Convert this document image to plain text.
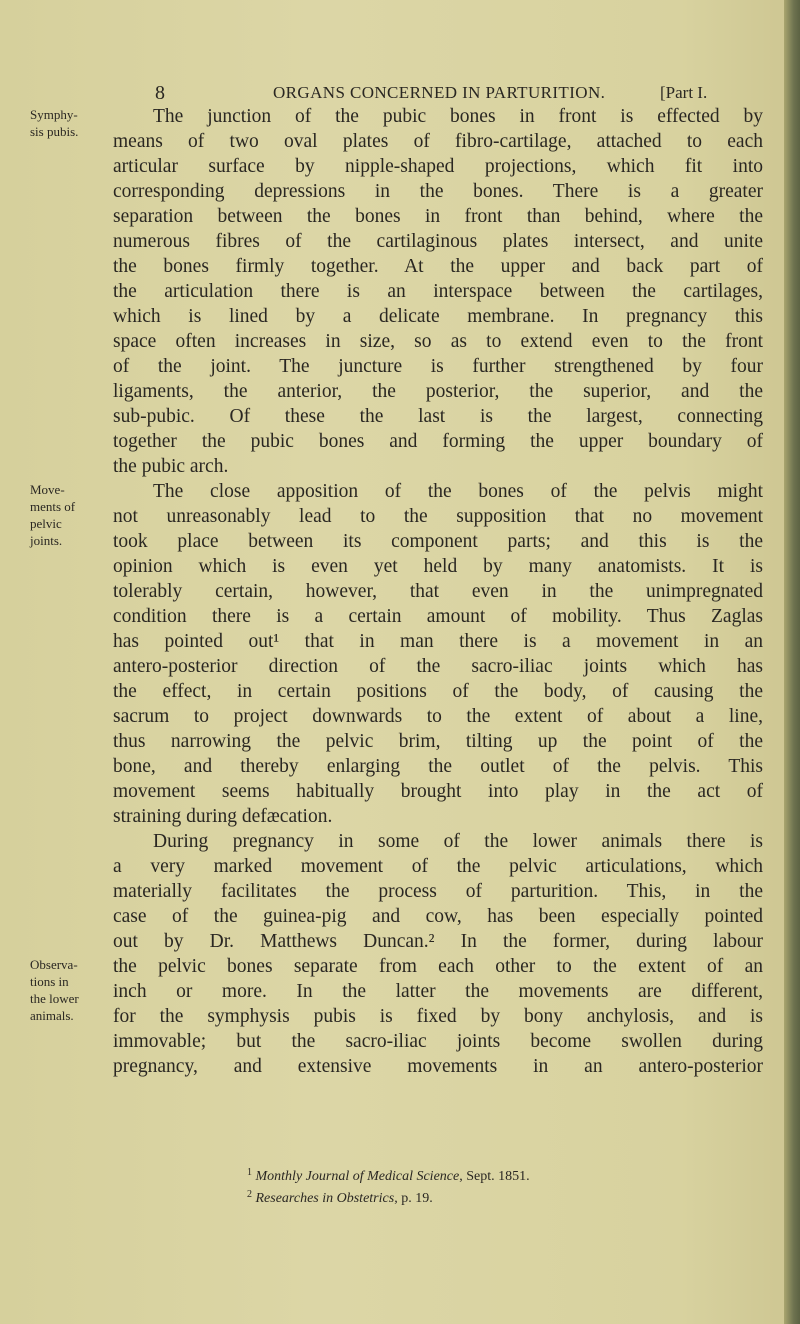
8	ORGANS CONCERNED IN PARTURITION.	[Part I.
Symphy-
sis pubis.
Move-
ments of
pelvic
joints.
Observa-
tions in
the lower
animals.
The junction of the pubic bones in front is effected by
means of two oval plates of fibro-cartilage, attached to each
articular surface by nipple-shaped projections, which fit into
corresponding depressions in the bones. There is a greater
separation between the bones in front than behind, where the
numerous fibres of the cartilaginous plates intersect, and unite
the bones firmly together. At the upper and back part of
the articulation there is an interspace between the cartilages,
which is lined by a delicate membrane. In pregnancy this
space often increases in size, so as to extend even to the front
of the joint. The juncture is further strengthened by four
ligaments, the anterior, the posterior, the superior, and the
sub-pubic. Of these the last is the largest, connecting
together the pubic bones and forming the upper boundary of
the pubic arch.
The close apposition of the bones of the pelvis might
not unreasonably lead to the supposition that no movement
took place between its component parts; and this is the
opinion which is even yet held by many anatomists. It is
tolerably certain, however, that even in the unimpregnated
condition there is a certain amount of mobility. Thus Zaglas
has pointed out¹ that in man there is a movement in an
antero-posterior direction of the sacro-iliac joints which has
the effect, in certain positions of the body, of causing the
sacrum to project downwards to the extent of about a line,
thus narrowing the pelvic brim, tilting up the point of the
bone, and thereby enlarging the outlet of the pelvis. This
movement seems habitually brought into play in the act of
straining during defæcation.
During pregnancy in some of the lower animals there is
a very marked movement of the pelvic articulations, which
materially facilitates the process of parturition. This, in the
case of the guinea-pig and cow, has been especially pointed
out by Dr. Matthews Duncan.² In the former, during labour
the pelvic bones separate from each other to the extent of an
inch or more. In the latter the movements are different,
for the symphysis pubis is fixed by bony anchylosis, and is
immovable; but the sacro-iliac joints become swollen during
pregnancy, and extensive movements in an antero-posterior
$^1$ Monthly Journal of Medical Science, Sept. 1851.
$^2$ Researches in Obstetrics, p. 19.
